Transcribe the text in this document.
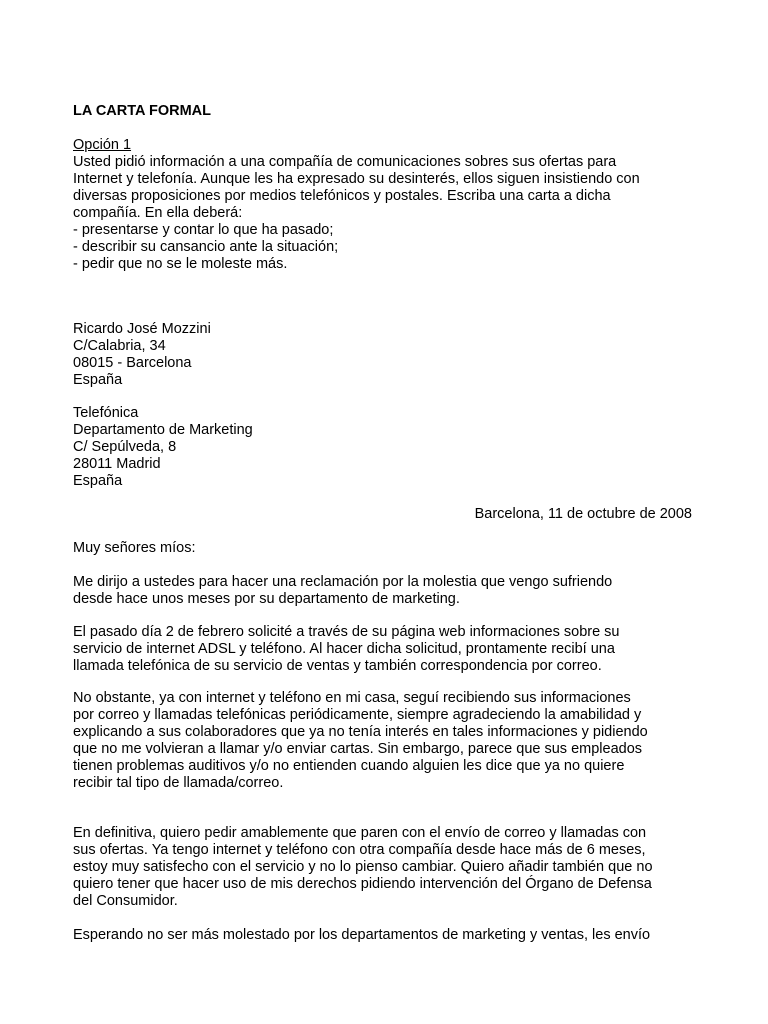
LA CARTA FORMAL
Opción 1
Usted pidió información a una compañía de comunicaciones sobres sus ofertas para
Internet y telefonía. Aunque les ha expresado su desinterés, ellos siguen insistiendo con
diversas proposiciones por medios telefónicos y postales. Escriba una carta a dicha
compañía. En ella deberá:
- presentarse y contar lo que ha pasado;
- describir su cansancio ante la situación;
- pedir que no se le moleste más.
Ricardo José Mozzini
C/Calabria, 34
08015 - Barcelona
España
Telefónica
Departamento de Marketing
C/ Sepúlveda, 8
28011 Madrid
España
Barcelona, 11 de octubre de 2008
Muy señores míos:
Me dirijo a ustedes para hacer una reclamación por la molestia que vengo sufriendo
desde hace unos meses por su departamento de marketing.
El pasado día 2 de febrero solicité a través de su página web informaciones sobre su
servicio de internet ADSL y teléfono. Al hacer dicha solicitud, prontamente recibí una
llamada telefónica de su servicio de ventas y también correspondencia por correo.
No obstante, ya con internet y teléfono en mi casa, seguí recibiendo sus informaciones
por correo y llamadas telefónicas periódicamente, siempre agradeciendo la amabilidad y
explicando a sus colaboradores que ya no tenía interés en tales informaciones y pidiendo
que no me volvieran a llamar y/o enviar cartas. Sin embargo, parece que sus empleados
tienen problemas auditivos y/o no entienden cuando alguien les dice que ya no quiere
recibir tal tipo de llamada/correo.
En definitiva, quiero pedir amablemente que paren con el envío de correo y llamadas con
sus ofertas. Ya tengo internet y teléfono con otra compañía desde hace más de 6 meses,
estoy muy satisfecho con el servicio y no lo pienso cambiar. Quiero añadir también que no
quiero tener que hacer uso de mis derechos pidiendo intervención del Órgano de Defensa
del Consumidor.
Esperando no ser más molestado por los departamentos de marketing y ventas, les envío
